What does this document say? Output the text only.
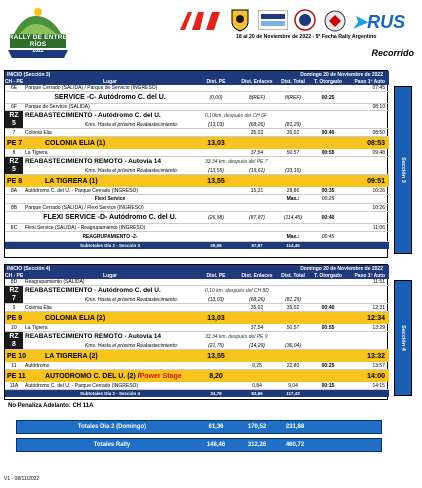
RALLY DE ENTRE RÍOS
2022
➤RUS
18 al 20 de Noviembre de 2022 - 9ª Fecha Rally Argentino
Recorrido
INICIO (Sección 3)	Domingo 20 de Noviembre de 2022
CH - PE	Lugar	Dist. PE	Dist. Enlaces	Dist. Total	T. Otorgado	Paso 1º Auto
6E	Parque Cerrado (SALIDA) / Parque de Servicio (INGRESO)	07:45
SERVICE -C- Autódromo C. del U.	(0,00)	8(REF)	8(REF)	00:25
6F	Parque de Servicio (SALIDA)	08:10
RZ
5
REABASTECIMIENTO - Autódromo C. del U.	0,10km. después del CH 6F
Kms. Hasta el próximo Reabastecimiento:	(13,03)	(68,26)	(81,29)
7	Colonia Elia	35,02	35,02	00:40	08:50
PE 7	COLONIA ELIA (1)	13,03	08:53
8	La Tigrera	37,54	50,57	00:55	09:48
RZ
5
REABASTECIMIENTO REMOTO - Autovía 14	33,34 km. después del PE 7
Kms. Hasta el próximo Reabastecimiento:	(13,55)	(19,61)	(33,16)
PE 8	LA TIGRERA (1)	13,55	09:51
8A	Autódromo C. del U. - Parque Cerrado (INGRESO)	15,31	28,86	00:35	10:26
Flexi Service	Max.:	00:25
8B	Parque Cerrado (SALIDA) / Flexi Service (INGRESO)	10:26
FLEXI SERVICE -D- Autódromo C. del U.	(26,58)	(87,87)	(114,45)	00:40
8C	Flexi Service (SALIDA) - Reagrupamiento (INGRESO)	11:06
REAGRUPAMIENTO -2-	Max.:	00:45
Subtotales Día 2 - Sección 3	26,58	87,87	114,45
Sección 3
INICIO (Sección 4)	Domingo 20 de Noviembre de 2022
CH - PE	Lugar	Dist. PE	Dist. Enlaces	Dist. Total	T. Otorgado	Paso 1º Auto
8D	Reagrupamiento (SALIDA)	11:51
RZ
7
REABASTECIMIENTO - Autódromo C. del U.	0,10 km. después del CH 8D
Kms. Hasta el próximo Reabastecimiento:	(13,03)	(68,26)	(81,29)
9	Colonia Elia	35,02	35,02	00:40	12:31
PE 9	COLONIA ELIA (2)	13,03	12:34
10	La Tigrera	37,54	50,57	00:55	13:29
RZ
8
REABASTECIMIENTO REMOTO - Autovía 14	33,34 km. después del PE 9
Kms. Hasta el próximo Reabastecimiento:	(21,75)	(14,29)	(36,04)
PE 10	LA TIGRERA (2)	13,55	13:32
11	Autódromo	9,25	22,80	00:25	13:57
PE 11	AUTODROMO C. DEL U. (2) / Power Stage	8,20	14:00
11A	Autódromo C. del U. - Parque Cerrado (INGRESO)	0,84	9,04	00:15	14:15
Subtotales Día 2 - Sección 4	34,78	82,65	117,43
Sección 4
No Penaliza Adelanto: CH 11A
Totales Día 2 (Domingo)	61,36	170,52	231,88
Totales Rally	148,46	312,26	460,72
V1 - 08/11/2022
